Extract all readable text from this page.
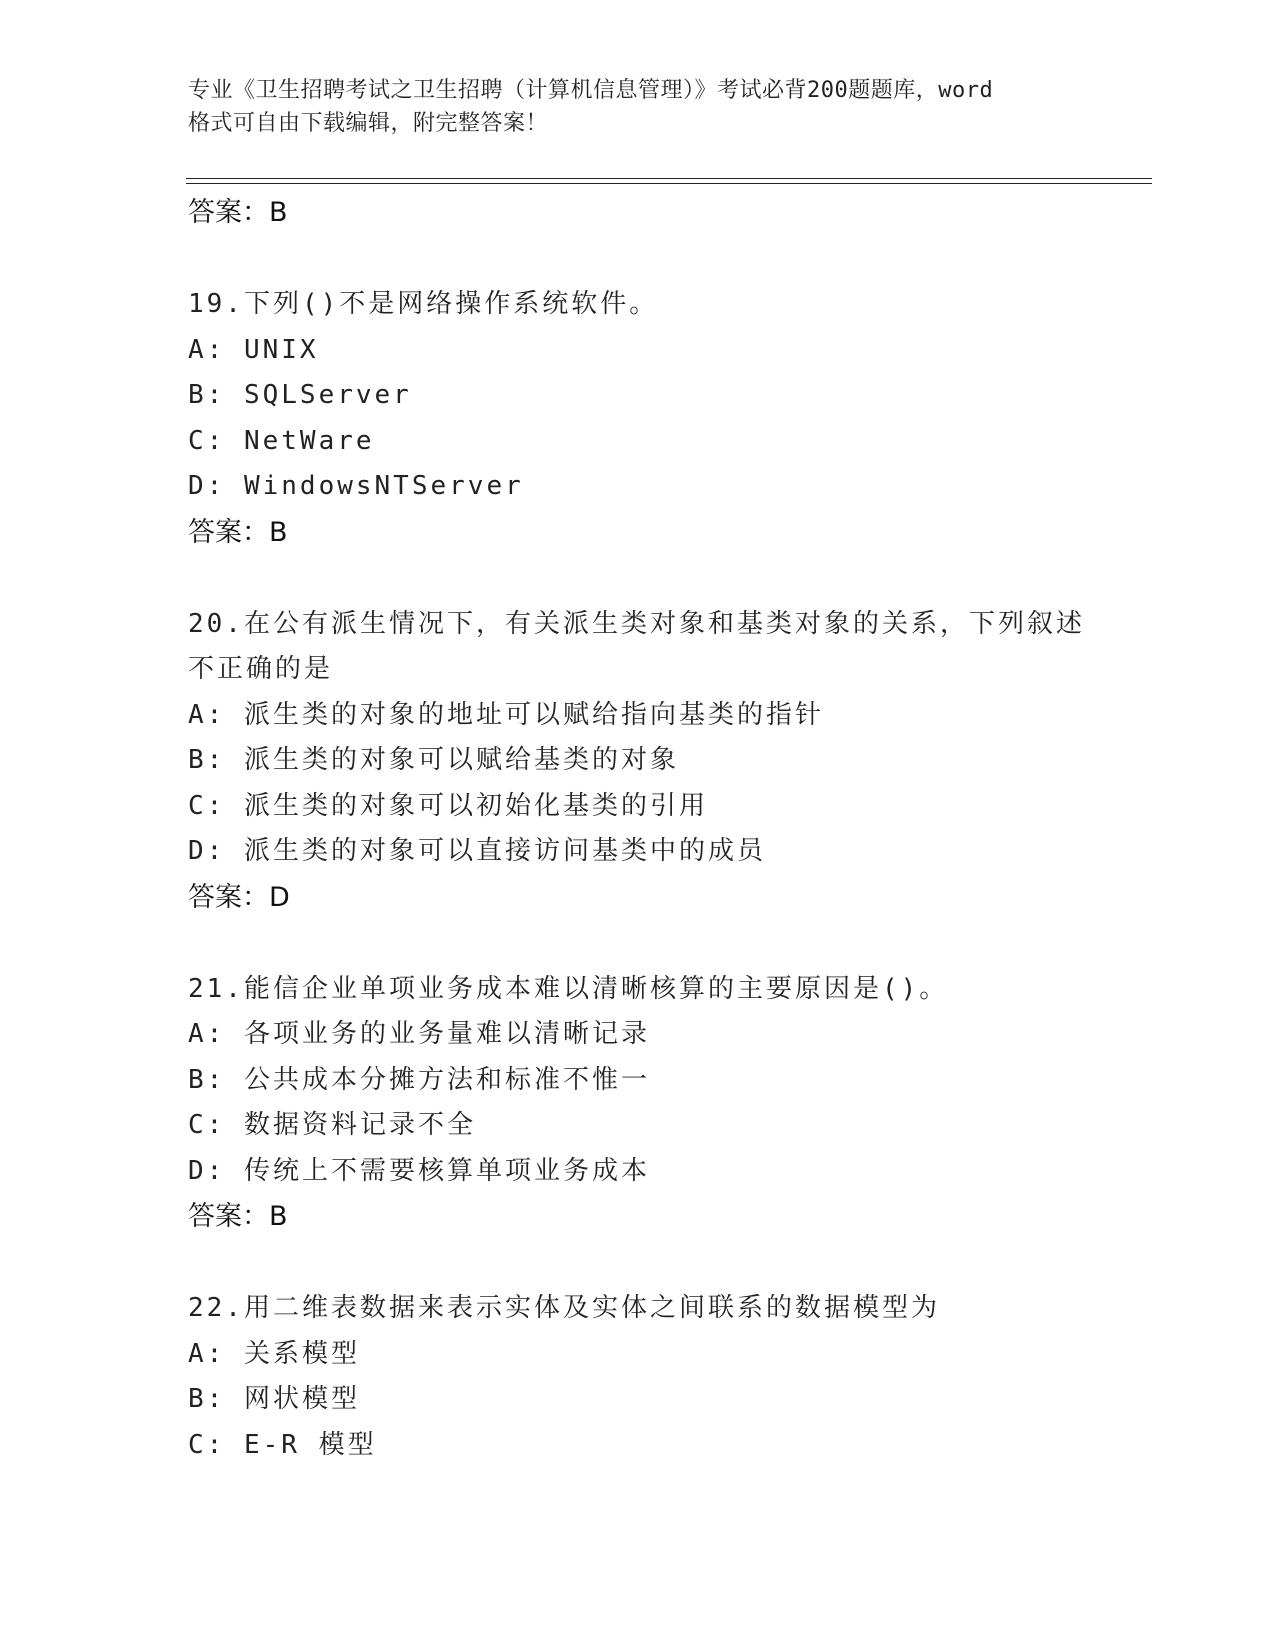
专业《卫生招聘考试之卫生招聘（计算机信息管理）》考试必背200题题库，word
格式可自由下载编辑，附完整答案！
答案：B
19.下列()不是网络操作系统软件。
A: UNIX
B: SQLServer
C: NetWare
D: WindowsNTServer
答案：B
20.在公有派生情况下，有关派生类对象和基类对象的关系，下列叙述
不正确的是
A: 派生类的对象的地址可以赋给指向基类的指针
B: 派生类的对象可以赋给基类的对象
C: 派生类的对象可以初始化基类的引用
D: 派生类的对象可以直接访问基类中的成员
答案：D
21.能信企业单项业务成本难以清晰核算的主要原因是()。
A: 各项业务的业务量难以清晰记录
B: 公共成本分摊方法和标准不惟一
C: 数据资料记录不全
D: 传统上不需要核算单项业务成本
答案：B
22.用二维表数据来表示实体及实体之间联系的数据模型为
A: 关系模型
B: 网状模型
C: E-R 模型
